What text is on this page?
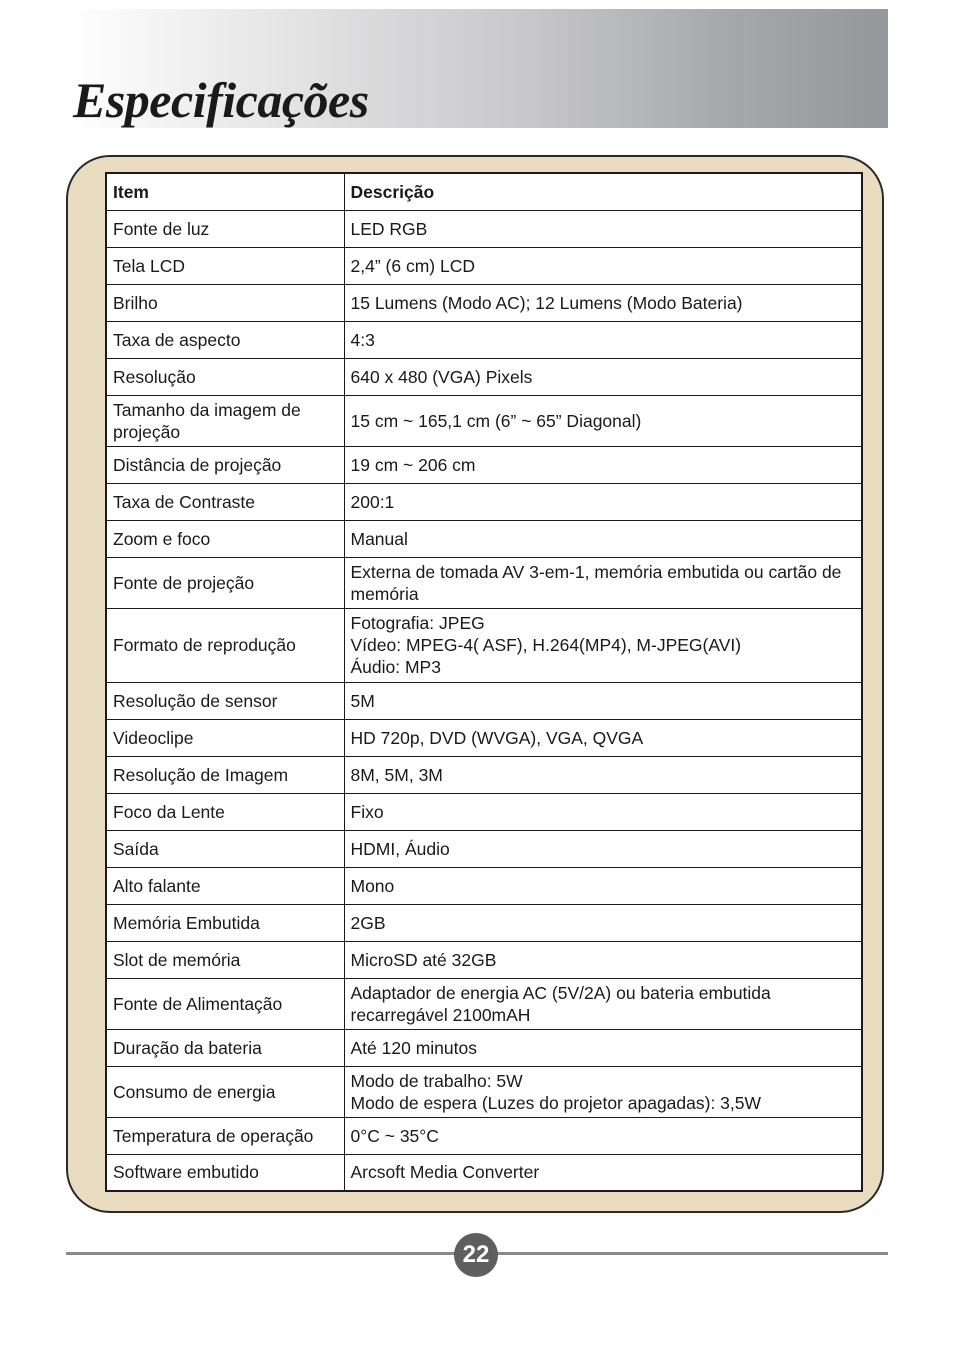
Especificações
Item	Descrição
Fonte de luz	LED RGB

Tela LCD	2,4” (6 cm) LCD

Brilho	15 Lumens (Modo AC); 12 Lumens (Modo Bateria)

Taxa de aspecto	4:3

Resolução	640 x 480 (VGA) Pixels

Tamanho da imagem de projeção	15 cm ~ 165,1 cm (6” ~ 65” Diagonal)

Distância de projeção	19 cm ~ 206 cm

Taxa de Contraste	200:1

Zoom e foco	Manual

Fonte de projeção	Externa de tomada AV 3-em-1, memória embutida ou cartão de memória

Formato de reprodução	Fotografia: JPEG
Vídeo: MPEG-4( ASF), H.264(MP4), M-JPEG(AVI)
Áudio: MP3

Resolução de sensor	5M

Videoclipe	HD 720p, DVD (WVGA), VGA, QVGA

Resolução de Imagem	8M, 5M, 3M

Foco da Lente	Fixo

Saída	HDMI, Áudio

Alto falante	Mono

Memória Embutida	2GB

Slot de memória	MicroSD até 32GB

Fonte de Alimentação	Adaptador de energia AC (5V/2A) ou bateria embutida recarregável 2100mAH

Duração da bateria	Até 120 minutos

Consumo de energia	Modo de trabalho: 5W
Modo de espera (Luzes do projetor apagadas): 3,5W

Temperatura de operação	0°C ~ 35°C

Software embutido	Arcsoft Media Converter
22
